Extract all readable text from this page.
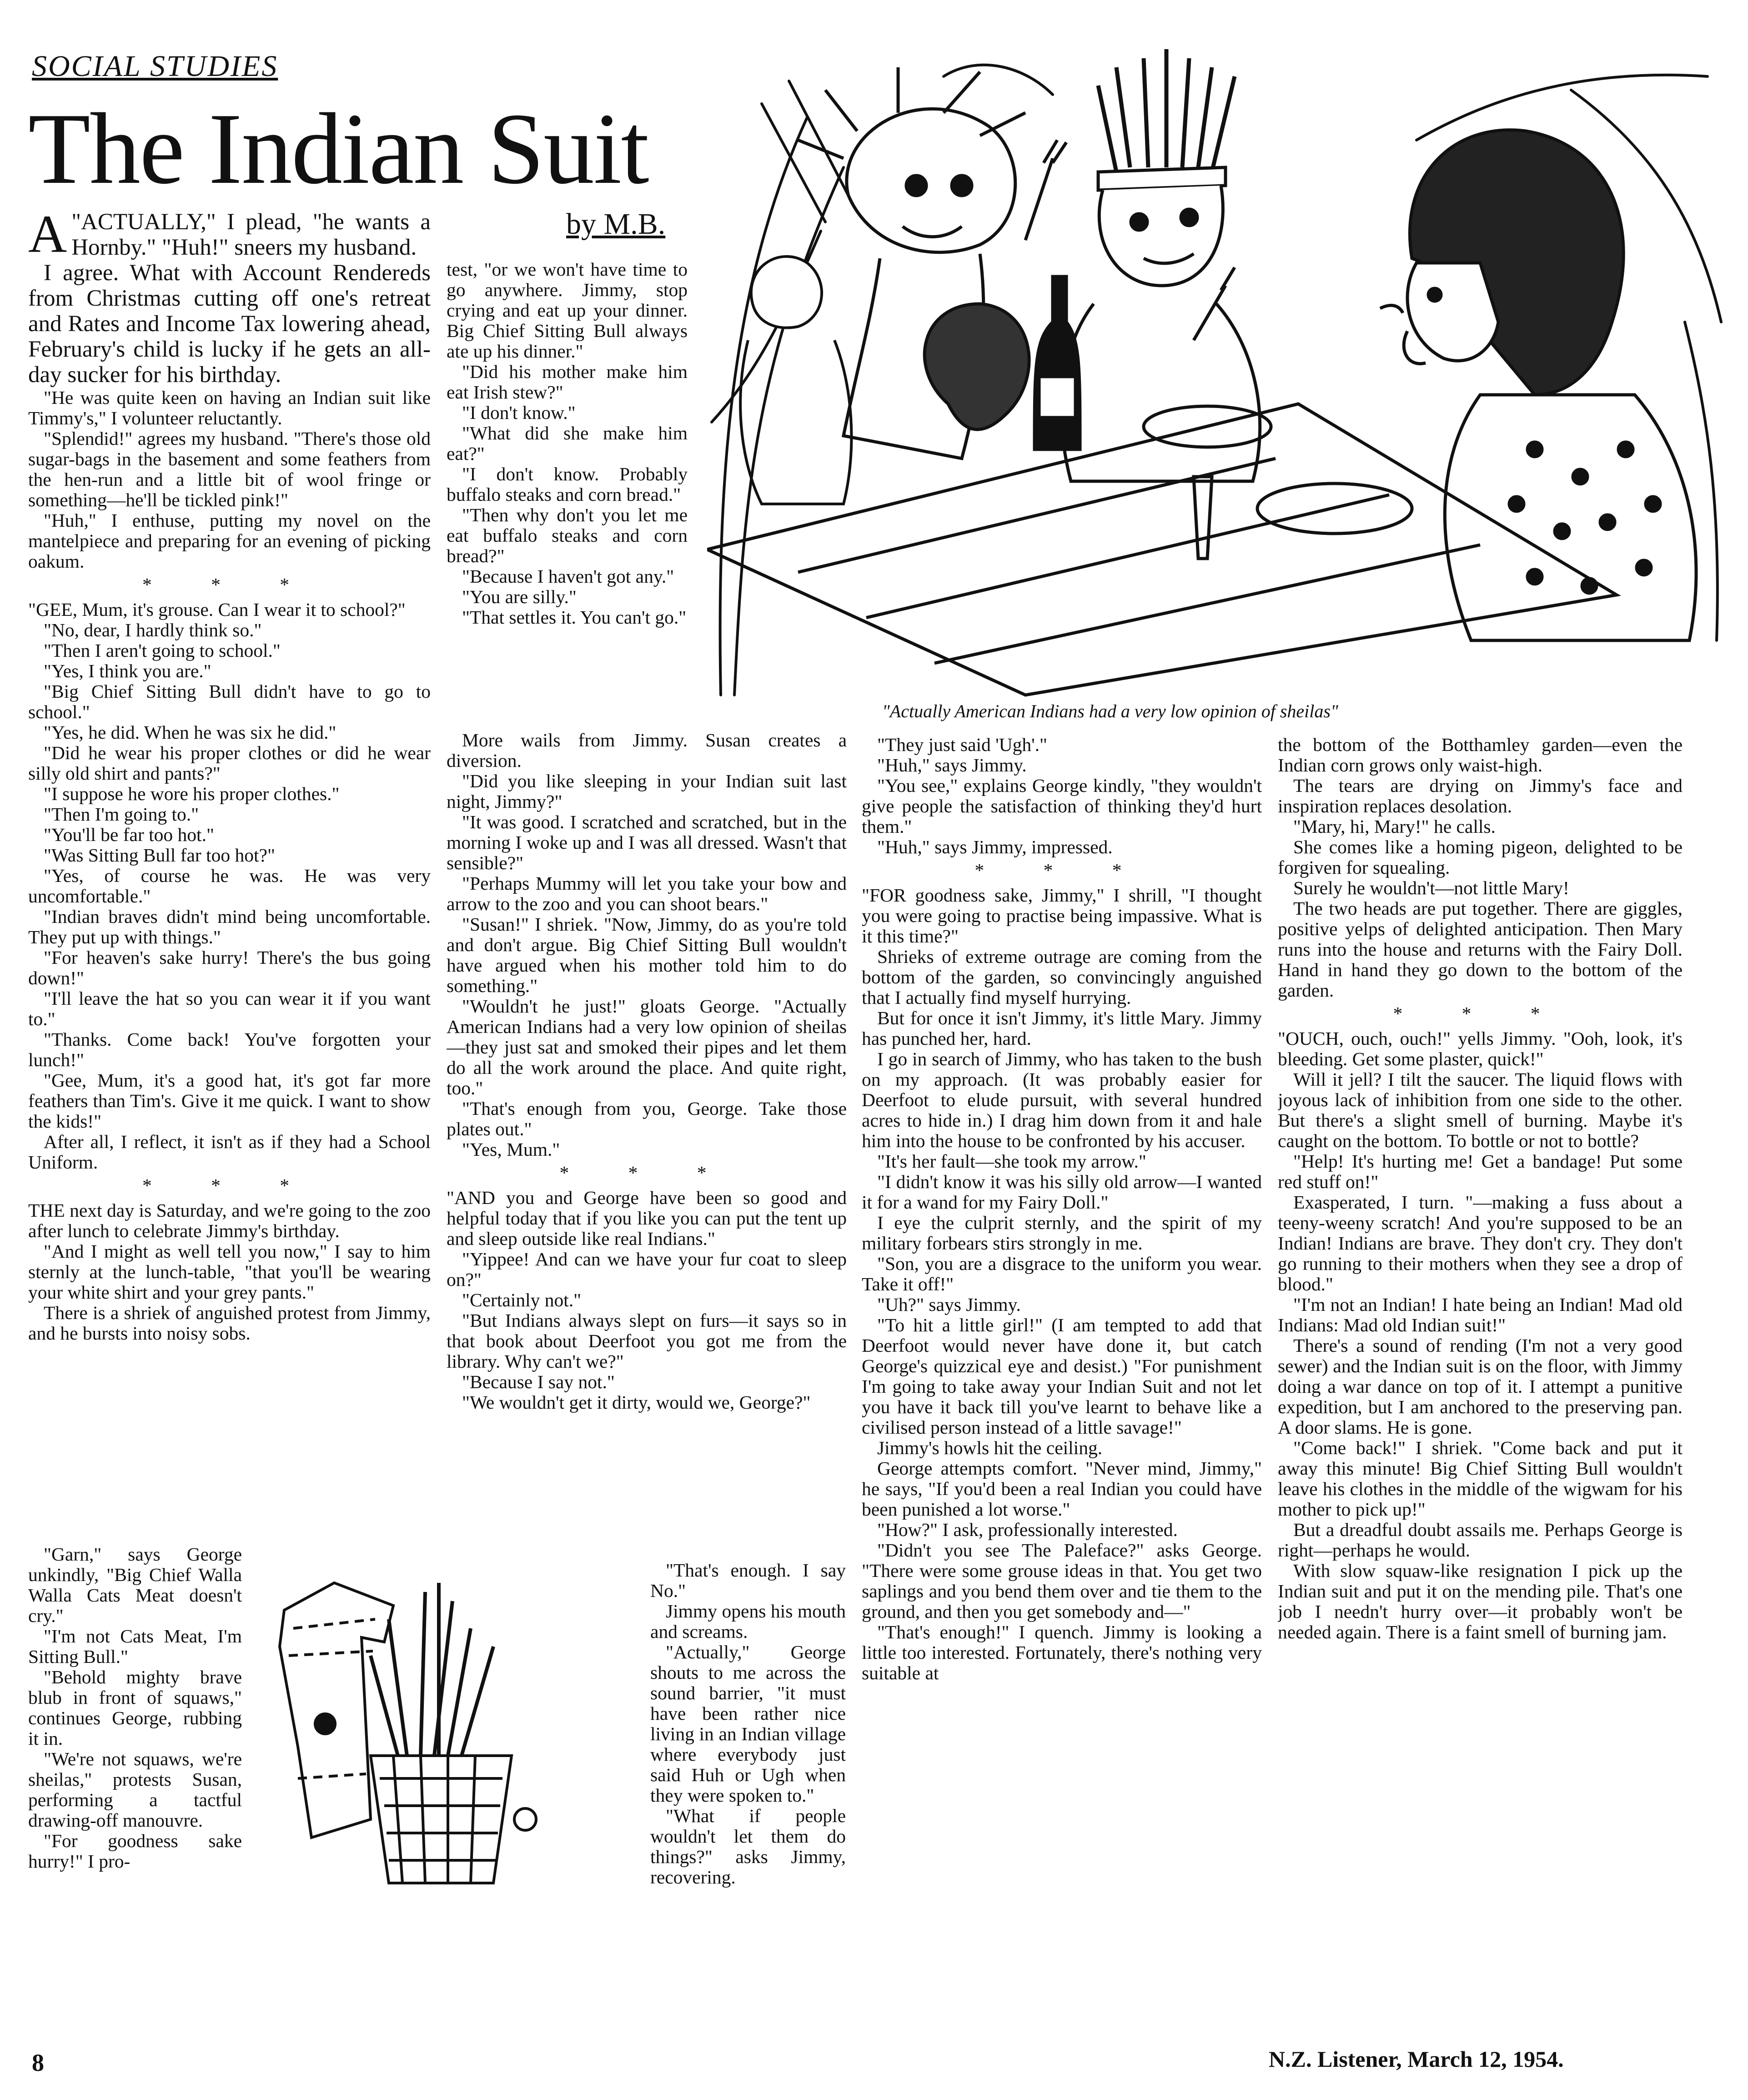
SOCIAL STUDIES
The Indian Suit
by M.B.
"Actually American Indians had a very low opinion of sheilas"

A "ACTUALLY," I plead, "he wants a Hornby." "Huh!" sneers my husband.

I agree. What with Account Rendereds from Christmas cutting off one's retreat and Rates and Income Tax lowering ahead, February's child is lucky if he gets an all-day sucker for his birthday.

"He was quite keen on having an Indian suit like Timmy's," I volunteer reluctantly.

"Splendid!" agrees my husband. "There's those old sugar-bags in the basement and some feathers from the hen-run and a little bit of wool fringe or something—he'll be tickled pink!"

"Huh," I enthuse, putting my novel on the mantelpiece and preparing for an evening of picking oakum.

* * *

"GEE, Mum, it's grouse. Can I wear it to school?"

"No, dear, I hardly think so."

"Then I aren't going to school."

"Yes, I think you are."

"Big Chief Sitting Bull didn't have to go to school."

"Yes, he did. When he was six he did."

"Did he wear his proper clothes or did he wear silly old shirt and pants?"

"I suppose he wore his proper clothes."

"Then I'm going to."

"You'll be far too hot."

"Was Sitting Bull far too hot?"

"Yes, of course he was. He was very uncomfortable."

"Indian braves didn't mind being uncomfortable. They put up with things."

"For heaven's sake hurry! There's the bus going down!"

"I'll leave the hat so you can wear it if you want to."

"Thanks. Come back! You've forgotten your lunch!"

"Gee, Mum, it's a good hat, it's got far more feathers than Tim's. Give it me quick. I want to show the kids!"

After all, I reflect, it isn't as if they had a School Uniform.

* * *

THE next day is Saturday, and we're going to the zoo after lunch to celebrate Jimmy's birthday.

"And I might as well tell you now," I say to him sternly at the lunch-table, "that you'll be wearing your white shirt and your grey pants."

There is a shriek of anguished protest from Jimmy, and he bursts into noisy sobs.

"Garn," says George unkindly, "Big Chief Walla Walla Cats Meat doesn't cry."

"I'm not Cats Meat, I'm Sitting Bull."

"Behold mighty brave blub in front of squaws," continues George, rubbing it in.

"We're not squaws, we're sheilas," protests Susan, performing a tactful drawing-off manouvre.

"For goodness sake hurry!" I pro-

test, "or we won't have time to go anywhere. Jimmy, stop crying and eat up your dinner. Big Chief Sitting Bull always ate up his dinner."

"Did his mother make him eat Irish stew?"

"I don't know."

"What did she make him eat?"

"I don't know. Probably buffalo steaks and corn bread."

"Then why don't you let me eat buffalo steaks and corn bread?"

"Because I haven't got any."

"You are silly."

"That settles it. You can't go."

More wails from Jimmy. Susan creates a diversion.

"Did you like sleeping in your Indian suit last night, Jimmy?"

"It was good. I scratched and scratched, but in the morning I woke up and I was all dressed. Wasn't that sensible?"

"Perhaps Mummy will let you take your bow and arrow to the zoo and you can shoot bears."

"Susan!" I shriek. "Now, Jimmy, do as you're told and don't argue. Big Chief Sitting Bull wouldn't have argued when his mother told him to do something."

"Wouldn't he just!" gloats George. "Actually American Indians had a very low opinion of sheilas—they just sat and smoked their pipes and let them do all the work around the place. And quite right, too."

"That's enough from you, George. Take those plates out."

"Yes, Mum."

* * *

"AND you and George have been so good and helpful today that if you like you can put the tent up and sleep outside like real Indians."

"Yippee! And can we have your fur coat to sleep on?"

"Certainly not."

"But Indians always slept on furs—it says so in that book about Deerfoot you got me from the library. Why can't we?"

"Because I say not."

"We wouldn't get it dirty, would we, George?"

"That's enough. I say No."

Jimmy opens his mouth and screams.

"Actually," George shouts to me across the sound barrier, "it must have been rather nice living in an Indian village where everybody just said Huh or Ugh when they were spoken to."

"What if people wouldn't let them do things?" asks Jimmy, recovering.

"They just said 'Ugh'."

"Huh," says Jimmy.

"You see," explains George kindly, "they wouldn't give people the satisfaction of thinking they'd hurt them."

"Huh," says Jimmy, impressed.

* * *

"FOR goodness sake, Jimmy," I shrill, "I thought you were going to practise being impassive. What is it this time?"

Shrieks of extreme outrage are coming from the bottom of the garden, so convincingly anguished that I actually find myself hurrying.

But for once it isn't Jimmy, it's little Mary. Jimmy has punched her, hard.

I go in search of Jimmy, who has taken to the bush on my approach. (It was probably easier for Deerfoot to elude pursuit, with several hundred acres to hide in.) I drag him down from it and hale him into the house to be confronted by his accuser.

"It's her fault—she took my arrow."

"I didn't know it was his silly old arrow—I wanted it for a wand for my Fairy Doll."

I eye the culprit sternly, and the spirit of my military forbears stirs strongly in me.

"Son, you are a disgrace to the uniform you wear. Take it off!"

"Uh?" says Jimmy.

"To hit a little girl!" (I am tempted to add that Deerfoot would never have done it, but catch George's quizzical eye and desist.) "For punishment I'm going to take away your Indian Suit and not let you have it back till you've learnt to behave like a civilised person instead of a little savage!"

Jimmy's howls hit the ceiling.

George attempts comfort. "Never mind, Jimmy," he says, "If you'd been a real Indian you could have been punished a lot worse."

"How?" I ask, professionally interested.

"Didn't you see The Paleface?" asks George. "There were some grouse ideas in that. You get two saplings and you bend them over and tie them to the ground, and then you get somebody and—"

"That's enough!" I quench. Jimmy is looking a little too interested. Fortunately, there's nothing very suitable at

the bottom of the Botthamley garden—even the Indian corn grows only waist-high.

The tears are drying on Jimmy's face and inspiration replaces desolation.

"Mary, hi, Mary!" he calls.

She comes like a homing pigeon, delighted to be forgiven for squealing.

Surely he wouldn't—not little Mary!

The two heads are put together. There are giggles, positive yelps of delighted anticipation. Then Mary runs into the house and returns with the Fairy Doll. Hand in hand they go down to the bottom of the garden.

* * *

"OUCH, ouch, ouch!" yells Jimmy. "Ooh, look, it's bleeding. Get some plaster, quick!"

Will it jell? I tilt the saucer. The liquid flows with joyous lack of inhibition from one side to the other. But there's a slight smell of burning. Maybe it's caught on the bottom. To bottle or not to bottle?

"Help! It's hurting me! Get a bandage! Put some red stuff on!"

Exasperated, I turn. "—making a fuss about a teeny-weeny scratch! And you're supposed to be an Indian! Indians are brave. They don't cry. They don't go running to their mothers when they see a drop of blood."

"I'm not an Indian! I hate being an Indian! Mad old Indians: Mad old Indian suit!"

There's a sound of rending (I'm not a very good sewer) and the Indian suit is on the floor, with Jimmy doing a war dance on top of it. I attempt a punitive expedition, but I am anchored to the preserving pan. A door slams. He is gone.

"Come back!" I shriek. "Come back and put it away this minute! Big Chief Sitting Bull wouldn't leave his clothes in the middle of the wigwam for his mother to pick up!"

But a dreadful doubt assails me. Perhaps George is right—perhaps he would.

With slow squaw-like resignation I pick up the Indian suit and put it on the mending pile. That's one job I needn't hurry over—it probably won't be needed again. There is a faint smell of burning jam.

8	N.Z. Listener, March 12, 1954.
